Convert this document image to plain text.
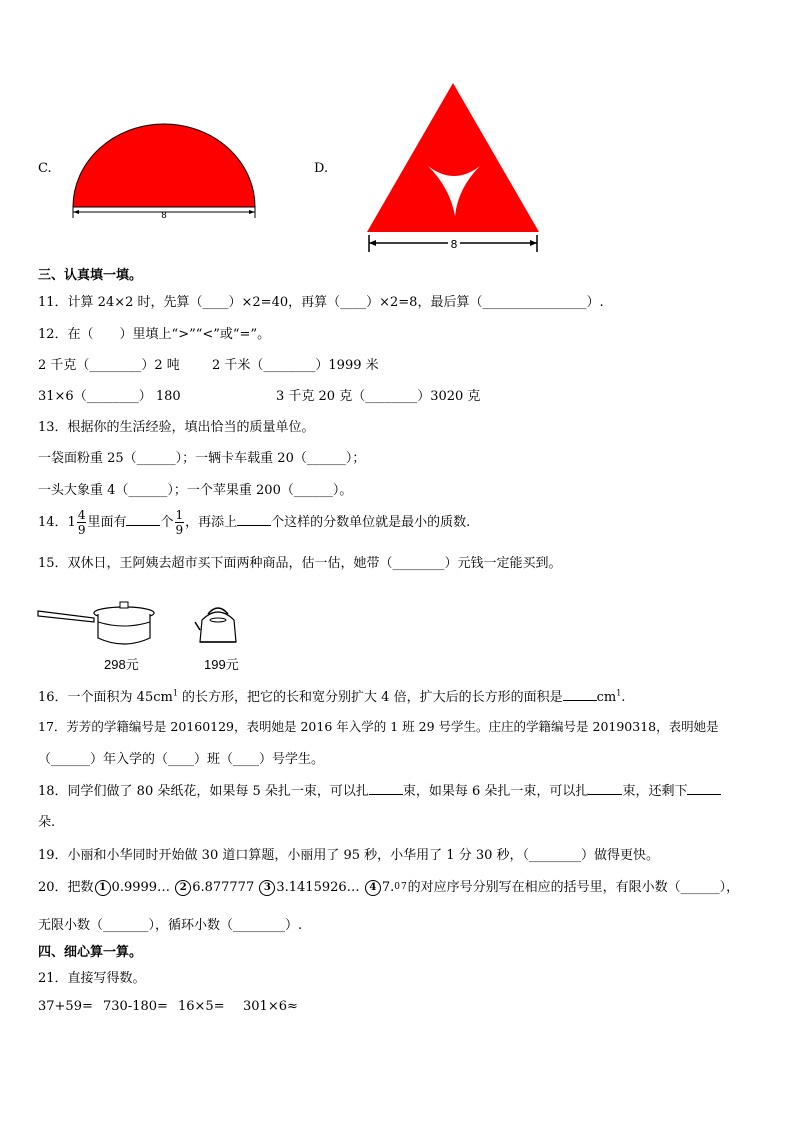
C.
8
D.
8
三、认真填一填。
11．计算 24×2 时，先算（____）×2=40，再算（____）×2=8，最后算（________________）.
12．在（　　）里填上“>”“<”或“=”。
2 千克（________）2 吨 2 千米（________）1999 米
31×6（________） 180	3 千克 20 克（________）3020 克
13．根据你的生活经验，填出恰当的质量单位。
一袋面粉重 25（______）；一辆卡车载重 20（______）；
一头大象重 4（______）；一个苹果重 200（______）。
14．$1 \frac{4}{9}$ 里面有	个 $\frac{1}{9}$ ，再添上	个这样的分数单位就是最小的质数.
15．双休日，王阿姨去超市买下面两种商品，估一估，她带（________）元钱一定能买到。
298元	199元
16．一个面积为 $45cm^1$ 的长方形，把它的长和宽分别扩大 4 倍，扩大后的长方形的面积是	$cm^1$.
17．芳芳的学籍编号是 20160129，表明她是 2016 年入学的 1 班 29 号学生。庄庄的学籍编号是 20190318，表明她是
（______）年入学的（____）班（____）号学生。
18．同学们做了 80 朵纸花，如果每 5 朵扎一束，可以扎	束，如果每 6 朵扎一束，可以扎	束，还剩下
朵.
19．小丽和小华同时开始做 30 道口算题，小丽用了 95 秒，小华用了 1 分 30 秒，（________）做得更快。
20．把数 1 0.9999… 2 6.877777 3 3.1415926… 4 7.07的对应序号分别写在相应的括号里，有限小数（______），
无限小数（_______），循环小数（________）.
四、细心算一算。
21．直接写得数。
37+59= 730-180= 16×5= 301×6≈
